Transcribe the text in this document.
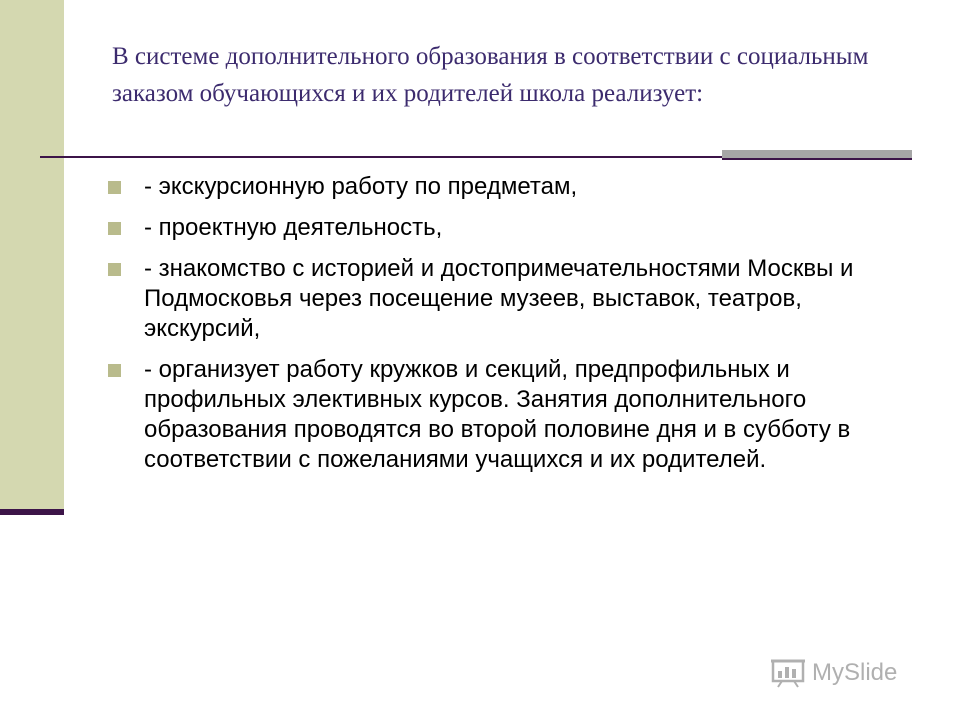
В системе дополнительного образования в соответствии с социальным заказом обучающихся и их родителей школа реализует:
- экскурсионную работу по предметам,
- проектную деятельность,
- знакомство с историей и достопримечательностями Москвы и Подмосковья через посещение музеев, выставок, театров, экскурсий,
- организует работу кружков и секций, предпрофильных и профильных элективных курсов. Занятия дополнительного образования проводятся во второй половине дня и в субботу в соответствии с пожеланиями учащихся и их родителей.
MySlide
